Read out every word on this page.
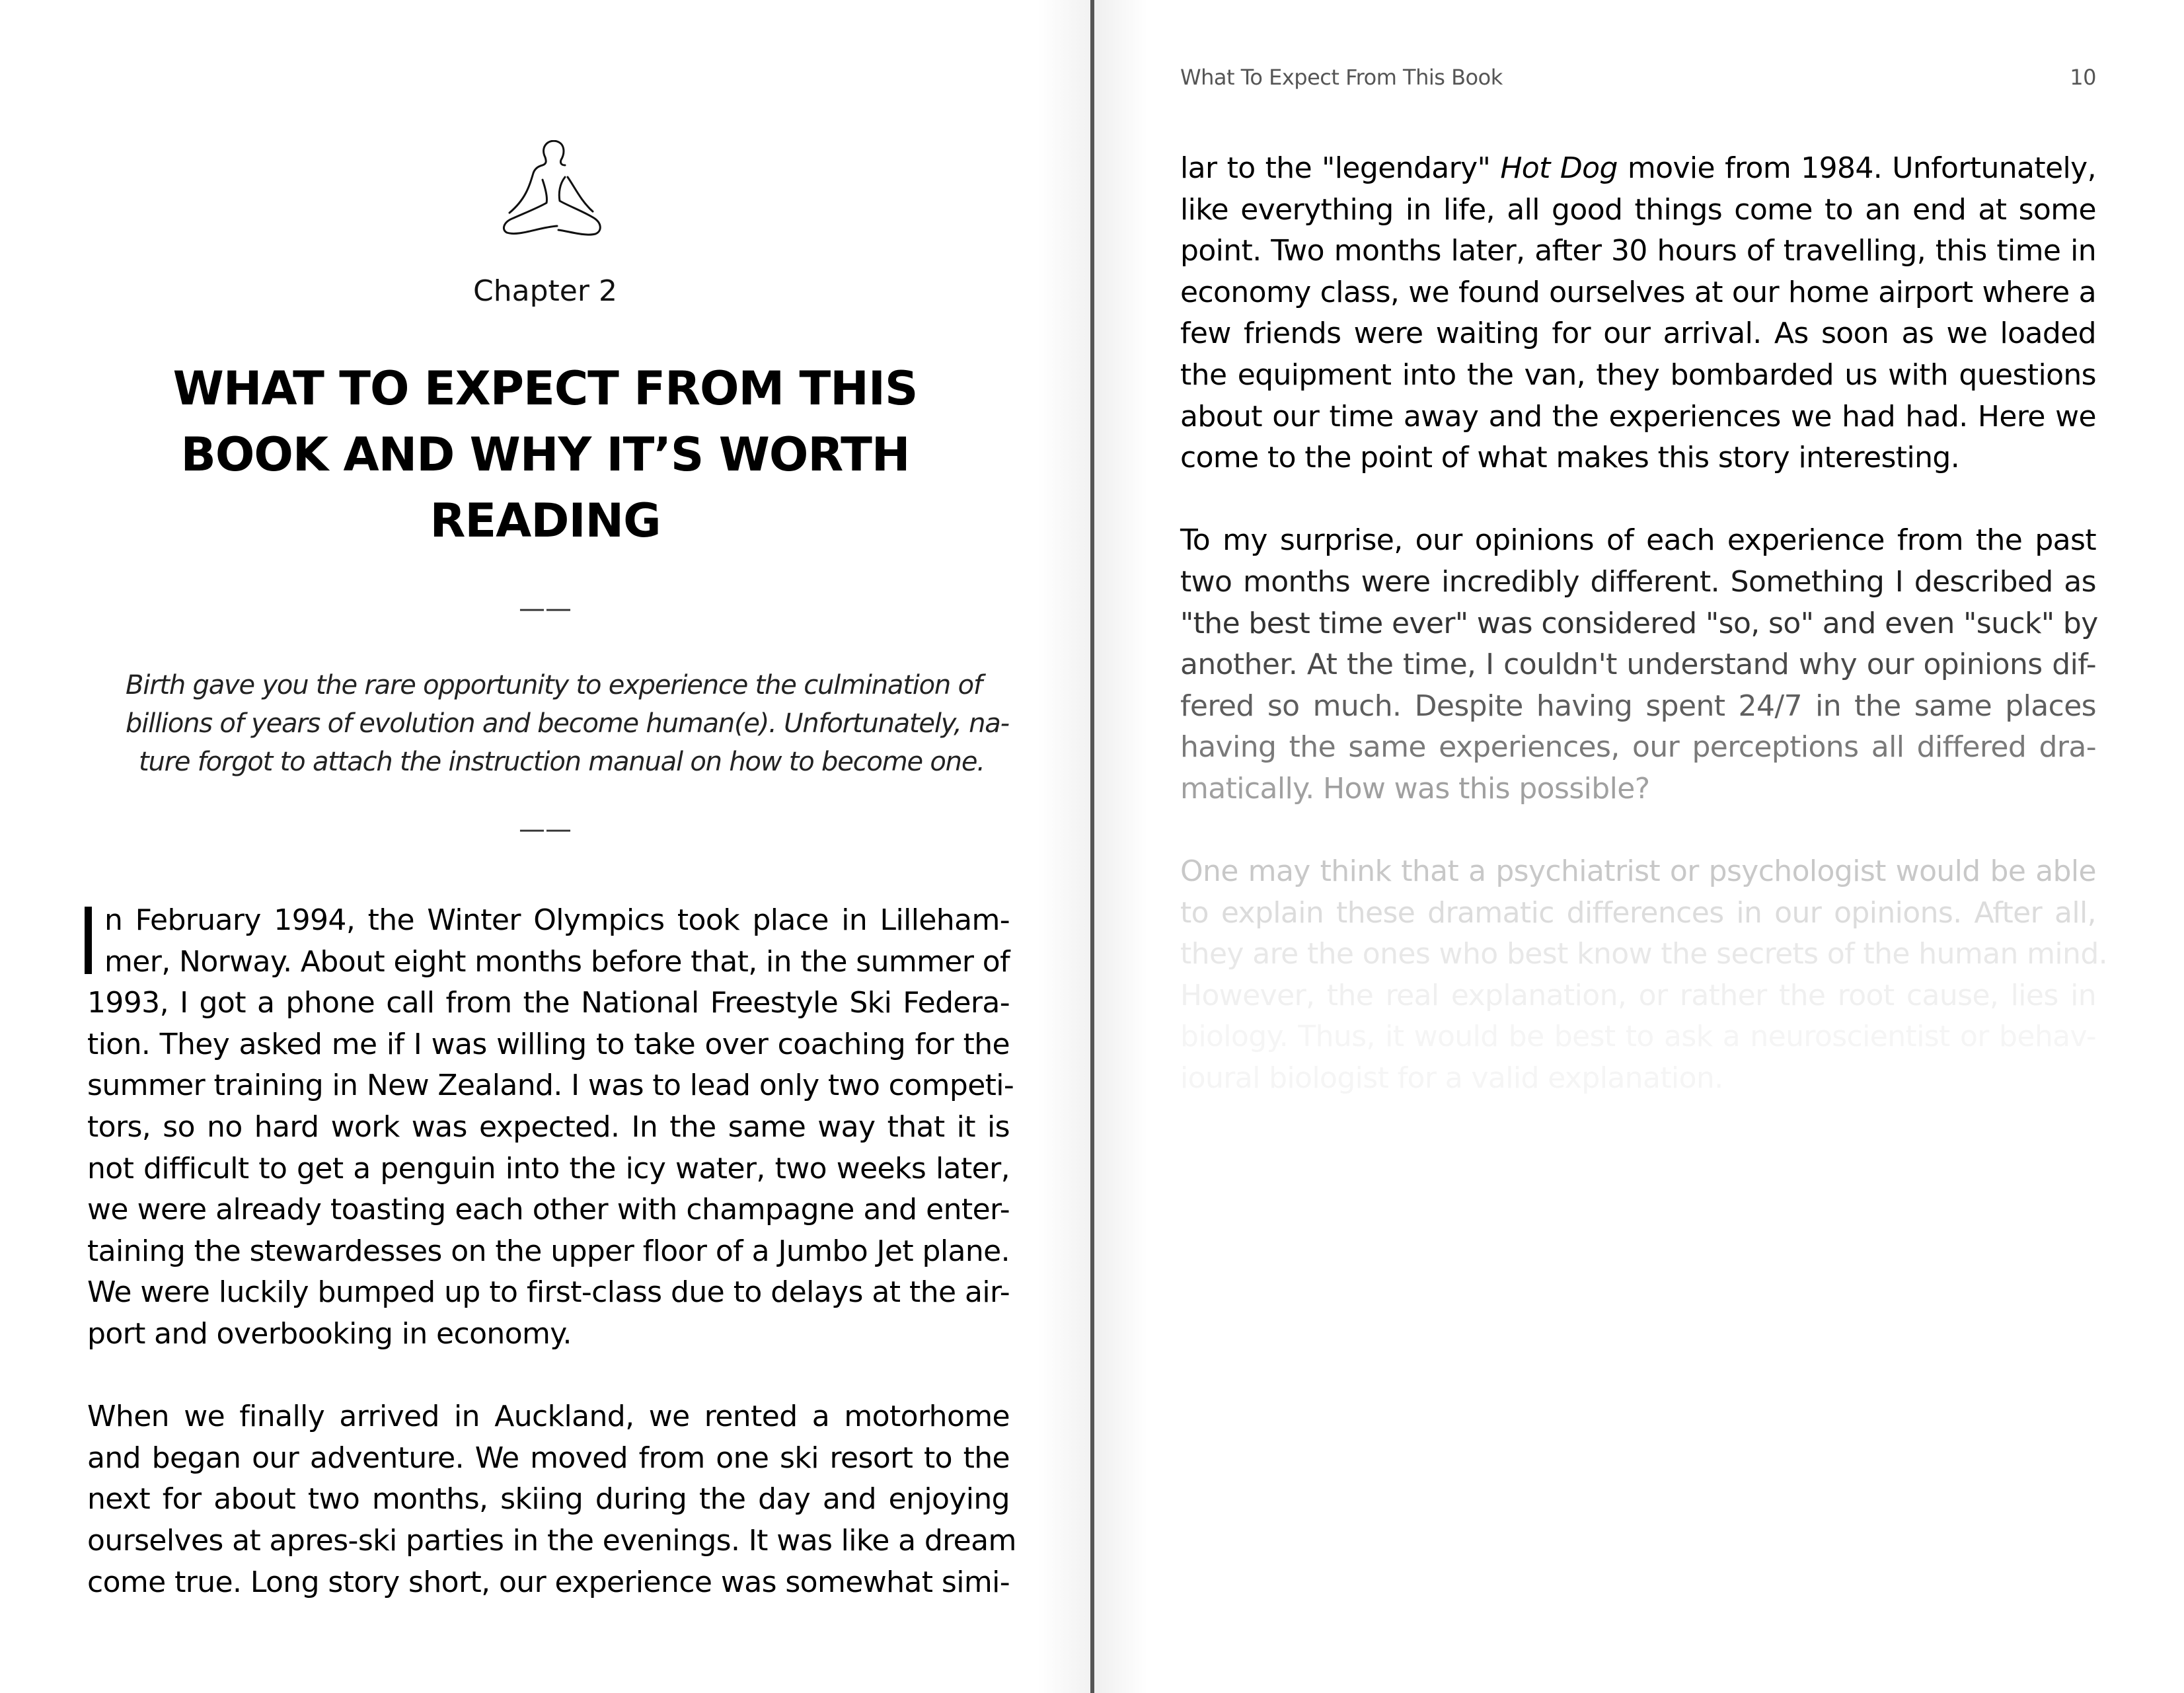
Chapter 2
WHAT TO EXPECT FROM THIS
BOOK AND WHY IT’S WORTH
READING
——
Birth gave you the rare opportunity to experience the culmination of
billions of years of evolution and become human(e). Unfortunately, na-
ture forgot to attach the instruction manual on how to become one.
——
n February 1994, the Winter Olympics took place in Lilleham-
mer, Norway. About eight months before that, in the summer of
1993, I got a phone call from the National Freestyle Ski Federa-
tion. They asked me if I was willing to take over coaching for the
summer training in New Zealand. I was to lead only two competi-
tors, so no hard work was expected. In the same way that it is
not difficult to get a penguin into the icy water, two weeks later,
we were already toasting each other with champagne and enter-
taining the stewardesses on the upper floor of a Jumbo Jet plane.
We were luckily bumped up to first-class due to delays at the air-
port and overbooking in economy.
When we finally arrived in Auckland, we rented a motorhome
and began our adventure. We moved from one ski resort to the
next for about two months, skiing during the day and enjoying
ourselves at apres-ski parties in the evenings. It was like a dream
come true. Long story short, our experience was somewhat simi-
What To Expect From This Book	10
lar to the "legendary" Hot Dog movie from 1984. Unfortunately,
like everything in life, all good things come to an end at some
point. Two months later, after 30 hours of travelling, this time in
economy class, we found ourselves at our home airport where a
few friends were waiting for our arrival. As soon as we loaded
the equipment into the van, they bombarded us with questions
about our time away and the experiences we had had. Here we
come to the point of what makes this story interesting.
To my surprise, our opinions of each experience from the past
two months were incredibly different. Something I described as
"the best time ever" was considered "so, so" and even "suck" by
another. At the time, I couldn't understand why our opinions dif-
fered so much. Despite having spent 24/7 in the same places
having the same experiences, our perceptions all differed dra-
matically. How was this possible?
One may think that a psychiatrist or psychologist would be able
to explain these dramatic differences in our opinions. After all,
they are the ones who best know the secrets of the human mind.
However, the real explanation, or rather the root cause, lies in
biology. Thus, it would be best to ask a neuroscientist or behav-
ioural biologist for a valid explanation.
